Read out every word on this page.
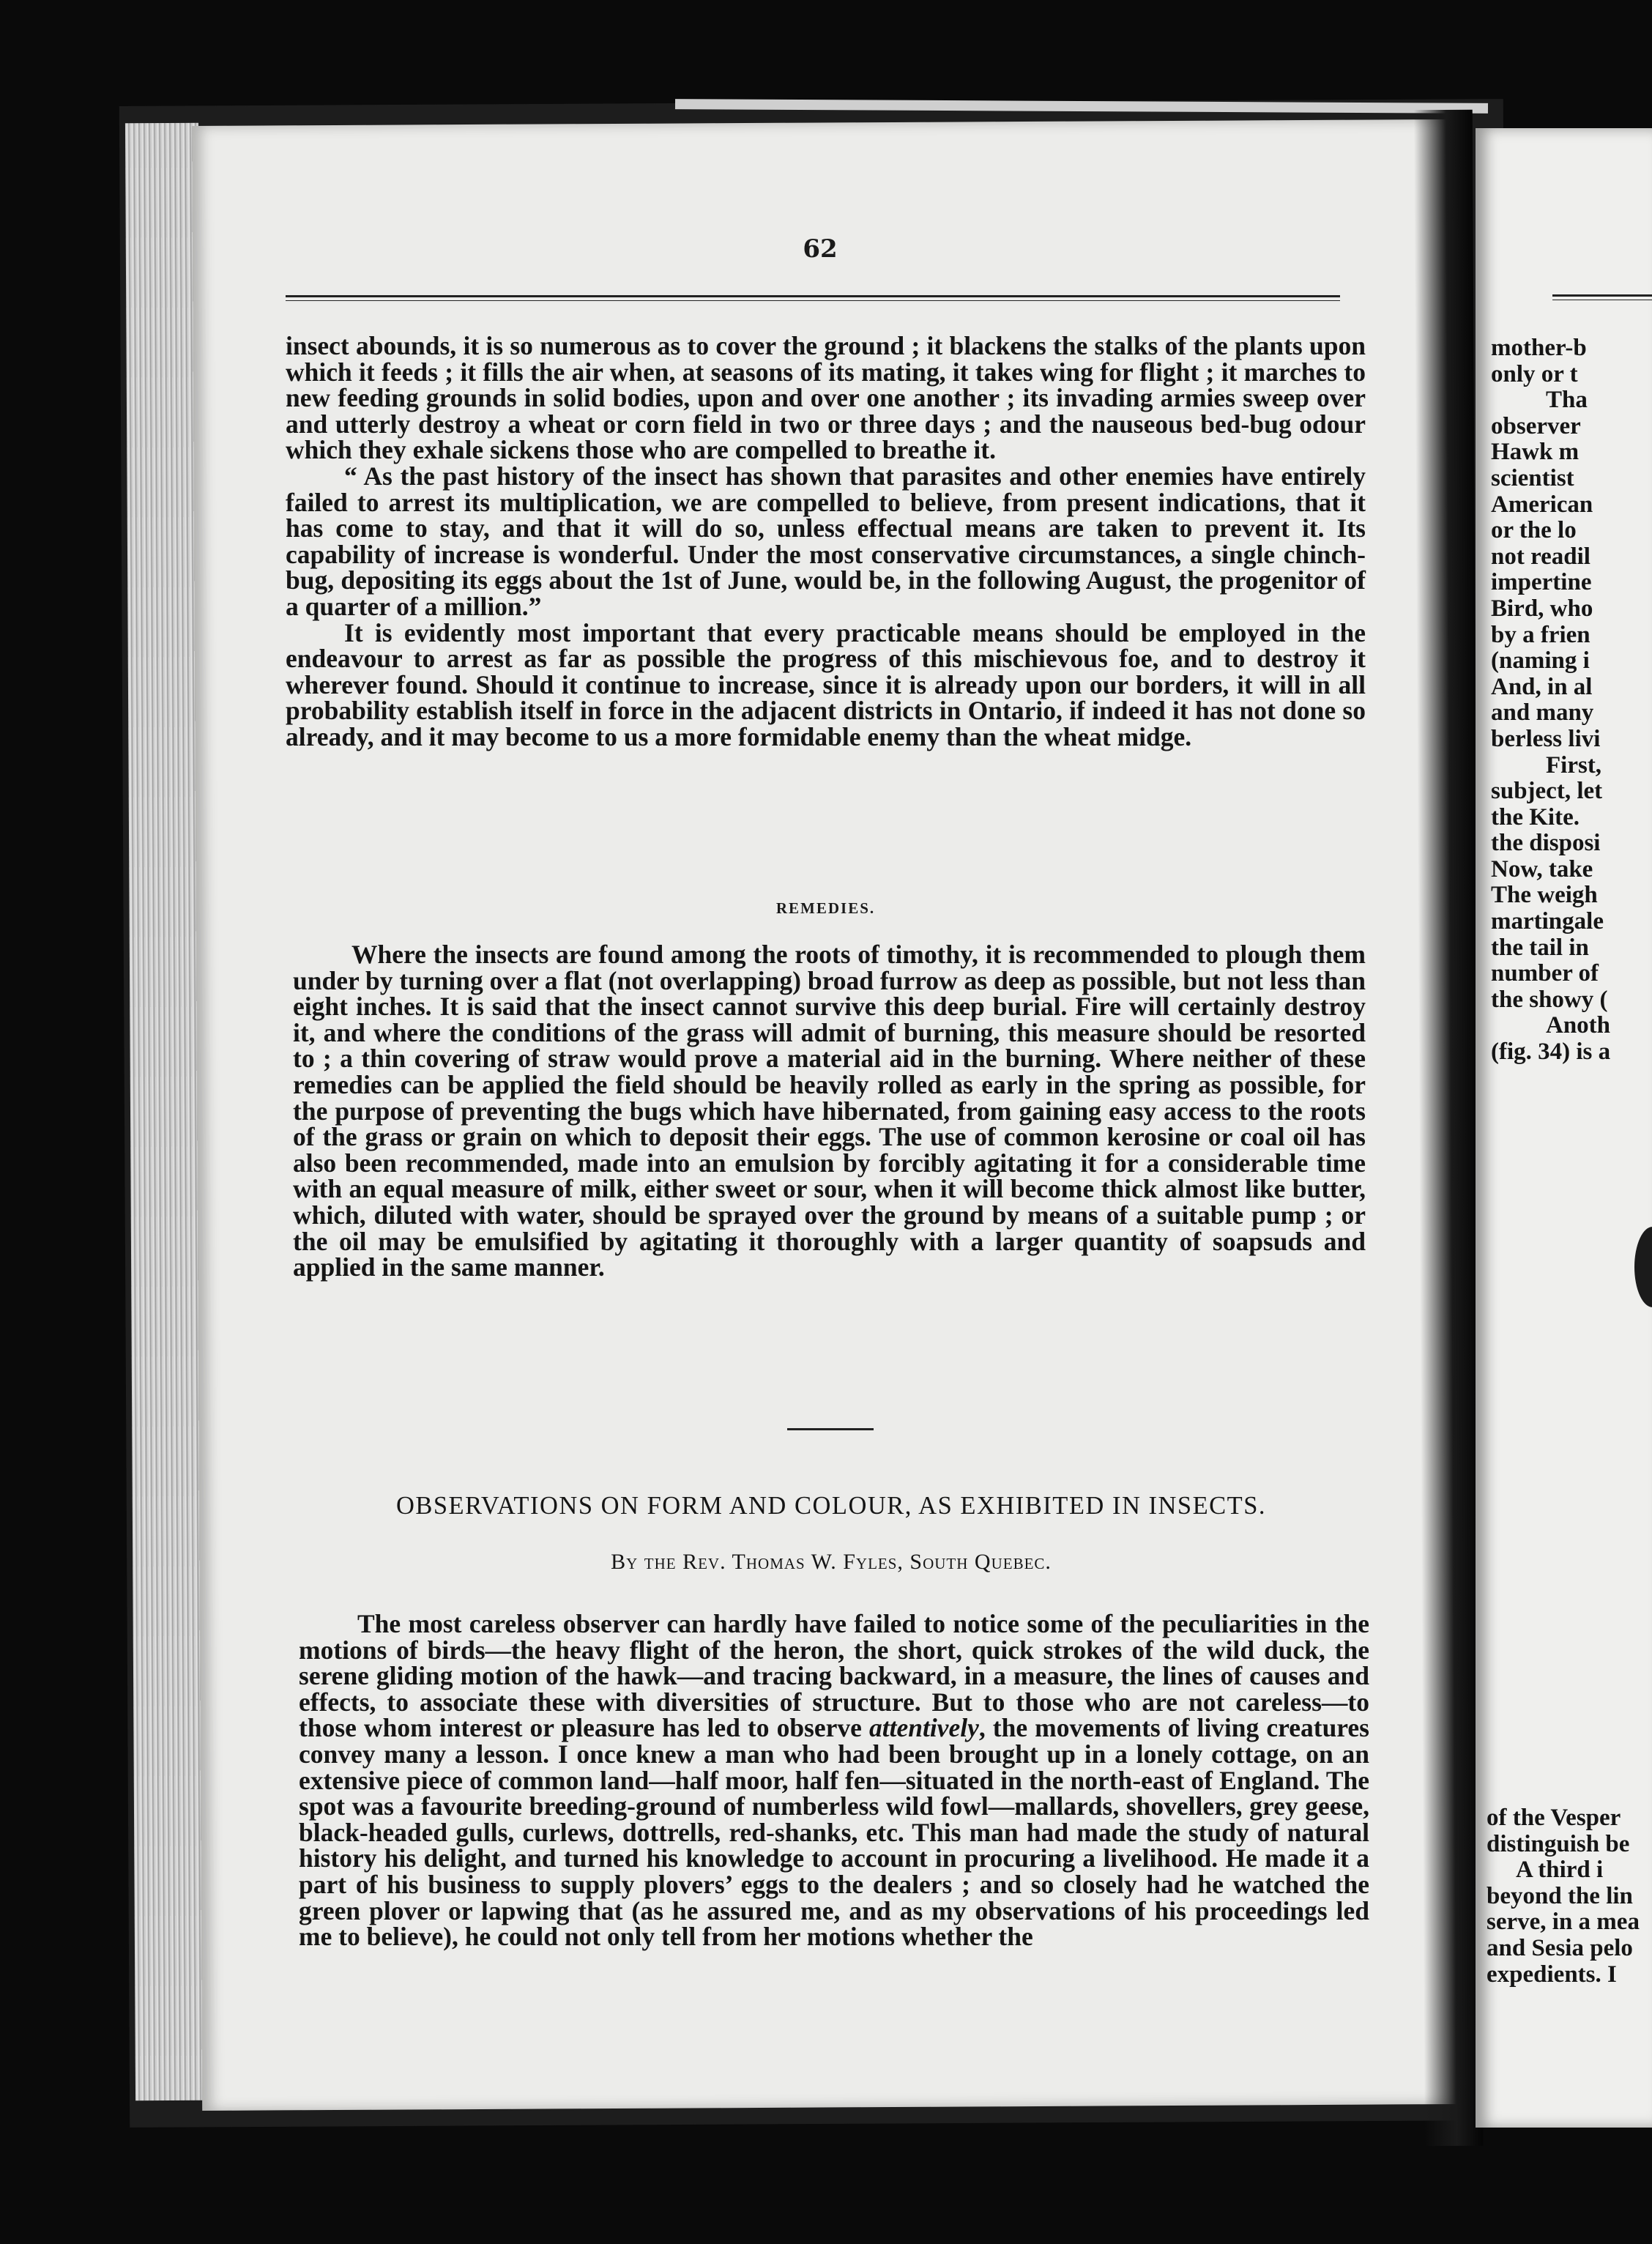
62

insect abounds, it is so numerous as to cover the ground ; it blackens the stalks of the plants upon which it feeds ; it fills the air when, at seasons of its mating, it takes wing for flight ; it marches to new feeding grounds in solid bodies, upon and over one another ; its invading armies sweep over and utterly destroy a wheat or corn field in two or three days ; and the nauseous bed-bug odour which they exhale sickens those who are compelled to breathe it.

“ As the past history of the insect has shown that parasites and other enemies have entirely failed to arrest its multiplication, we are compelled to believe, from present indications, that it has come to stay, and that it will do so, unless effectual means are taken to prevent it. Its capability of increase is wonderful. Under the most conservative circumstances, a single chinch-bug, depositing its eggs about the 1st of June, would be, in the following August, the progenitor of a quarter of a million.”

It is evidently most important that every practicable means should be employed in the endeavour to arrest as far as possible the progress of this mischievous foe, and to destroy it wherever found. Should it continue to increase, since it is already upon our borders, it will in all probability establish itself in force in the adjacent districts in Ontario, if indeed it has not done so already, and it may become to us a more formidable enemy than the wheat midge.

REMEDIES.

Where the insects are found among the roots of timothy, it is recommended to plough them under by turning over a flat (not overlapping) broad furrow as deep as possible, but not less than eight inches. It is said that the insect cannot survive this deep burial. Fire will certainly destroy it, and where the conditions of the grass will admit of burning, this measure should be resorted to ; a thin covering of straw would prove a material aid in the burning. Where neither of these remedies can be applied the field should be heavily rolled as early in the spring as possible, for the purpose of preventing the bugs which have hibernated, from gaining easy access to the roots of the grass or grain on which to deposit their eggs. The use of common kerosine or coal oil has also been recommended, made into an emulsion by forcibly agitating it for a considerable time with an equal measure of milk, either sweet or sour, when it will become thick almost like butter, which, diluted with water, should be sprayed over the ground by means of a suitable pump ; or the oil may be emulsified by agitating it thoroughly with a larger quantity of soapsuds and applied in the same manner.

OBSERVATIONS ON FORM AND COLOUR, AS EXHIBITED IN INSECTS.
By the Rev. Thomas W. Fyles, South Quebec.

The most careless observer can hardly have failed to notice some of the peculiarities in the motions of birds—the heavy flight of the heron, the short, quick strokes of the wild duck, the serene gliding motion of the hawk—and tracing backward, in a measure, the lines of causes and effects, to associate these with diversities of structure. But to those who are not careless—to those whom interest or pleasure has led to observe attentively, the movements of living creatures convey many a lesson. I once knew a man who had been brought up in a lonely cottage, on an extensive piece of common land—half moor, half fen—situated in the north-east of England. The spot was a favourite breeding-ground of numberless wild fowl—mallards, shovellers, grey geese, black-headed gulls, curlews, dottrells, red-shanks, etc. This man had made the study of natural history his delight, and turned his knowledge to account in procuring a livelihood. He made it a part of his business to supply plovers’ eggs to the dealers ; and so closely had he watched the green plover or lapwing that (as he assured me, and as my observations of his proceedings led me to believe), he could not only tell from her motions whether the

mother-b
only or t
Tha
observer
Hawk m
scientist
American
or the lo
not readil
impertine
Bird, who
by a frien
(naming i
And, in al
and many
berless livi
First,
subject, let
the Kite.
the disposi
Now, take
The weigh
martingale
the tail in
number of
the showy (
Anoth
(fig. 34) is a
of the Vesper
distinguish be
A third i
beyond the lin
serve, in a mea
and Sesia pelo
expedients. I
